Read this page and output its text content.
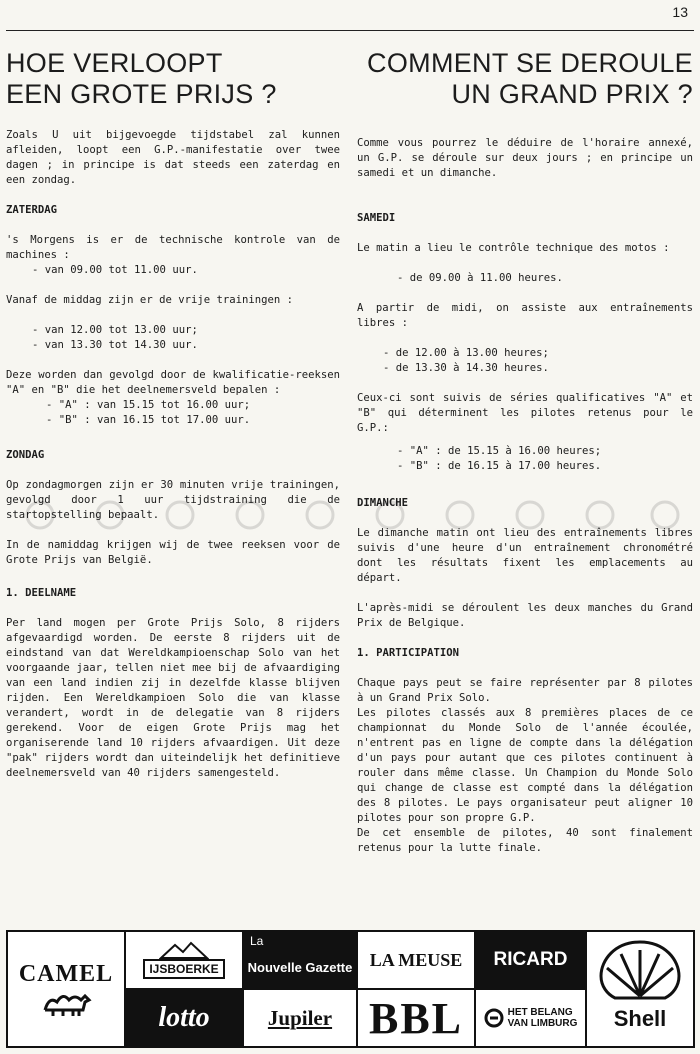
13
HOE VERLOOPT
EEN GROTE PRIJS ?

Zoals U uit bijgevoegde tijdstabel zal kunnen afleiden, loopt een G.P.-manifestatie over twee dagen ; in principe is dat steeds een zaterdag en een zondag.

ZATERDAG

's Morgens is er de technische kontrole van de machines :

- van 09.00 tot 11.00 uur.

Vanaf de middag zijn er de vrije trainingen :

- van 12.00 tot 13.00 uur;
- van 13.30 tot 14.30 uur.

Deze worden dan gevolgd door de kwalificatie-reeksen "A" en "B" die het deelnemersveld bepalen :

- "A" : van 15.15 tot 16.00 uur;
- "B" : van 16.15 tot 17.00 uur.
ZONDAG

Op zondagmorgen zijn er 30 minuten vrije trainingen, gevolgd door 1 uur tijdstraining die de startopstelling bepaalt.

In de namiddag krijgen wij de twee reeksen voor de Grote Prijs van België.

1. DEELNAME

Per land mogen per Grote Prijs Solo, 8 rijders afgevaardigd worden. De eerste 8 rijders uit de eindstand van dat Wereldkampioenschap Solo van het voorgaande jaar, tellen niet mee bij de afvaardiging van een land indien zij in dezelfde klasse blijven rijden. Een Wereldkampioen Solo die van klasse verandert, wordt in de delegatie van 8 rijders gerekend. Voor de eigen Grote Prijs mag het organiserende land 10 rijders afvaardigen. Uit deze "pak" rijders wordt dan uiteindelijk het definitieve deelnemersveld van 40 rijders samengesteld.

COMMENT SE DEROULE
UN GRAND PRIX ?

Comme vous pourrez le déduire de l'horaire annexé, un G.P. se déroule sur deux jours ; en principe un samedi et un dimanche.

SAMEDI

Le matin a lieu le contrôle technique des motos :

- de 09.00 à 11.00 heures.

A partir de midi, on assiste aux entraînements libres :

- de 12.00 à 13.00 heures;
- de 13.30 à 14.30 heures.

Ceux-ci sont suivis de séries qualificatives "A" et "B" qui déterminent les pilotes retenus pour le G.P.:

- "A" : de 15.15 à 16.00 heures;
- "B" : de 16.15 à 17.00 heures.
DIMANCHE

Le dimanche matin ont lieu des entraînements libres suivis d'une heure d'un entraînement chronométré dont les résultats fixent les emplacements au départ.

L'après-midi se déroulent les deux manches du Grand Prix de Belgique.

1. PARTICIPATION

Chaque pays peut se faire représenter par 8 pilotes à un Grand Prix Solo.

Les pilotes classés aux 8 premières places de ce championnat du Monde Solo de l'année écoulée, n'entrent pas en ligne de compte dans la délégation d'un pays pour autant que ces pilotes continuent à rouler dans même classe. Un Champion du Monde Solo qui change de classe est compté dans la délégation des 8 pilotes. Le pays organisateur peut aligner 10 pilotes pour son propre G.P.

De cet ensemble de pilotes, 40 sont finalement retenus pour la lutte finale.

CAMEL	IJSBOERKE
lotto
La
Nouvelle Gazette
Jupiler
LA MEUSE
BBL
RICARD
HET BELANG
VAN LIMBURG Shell
